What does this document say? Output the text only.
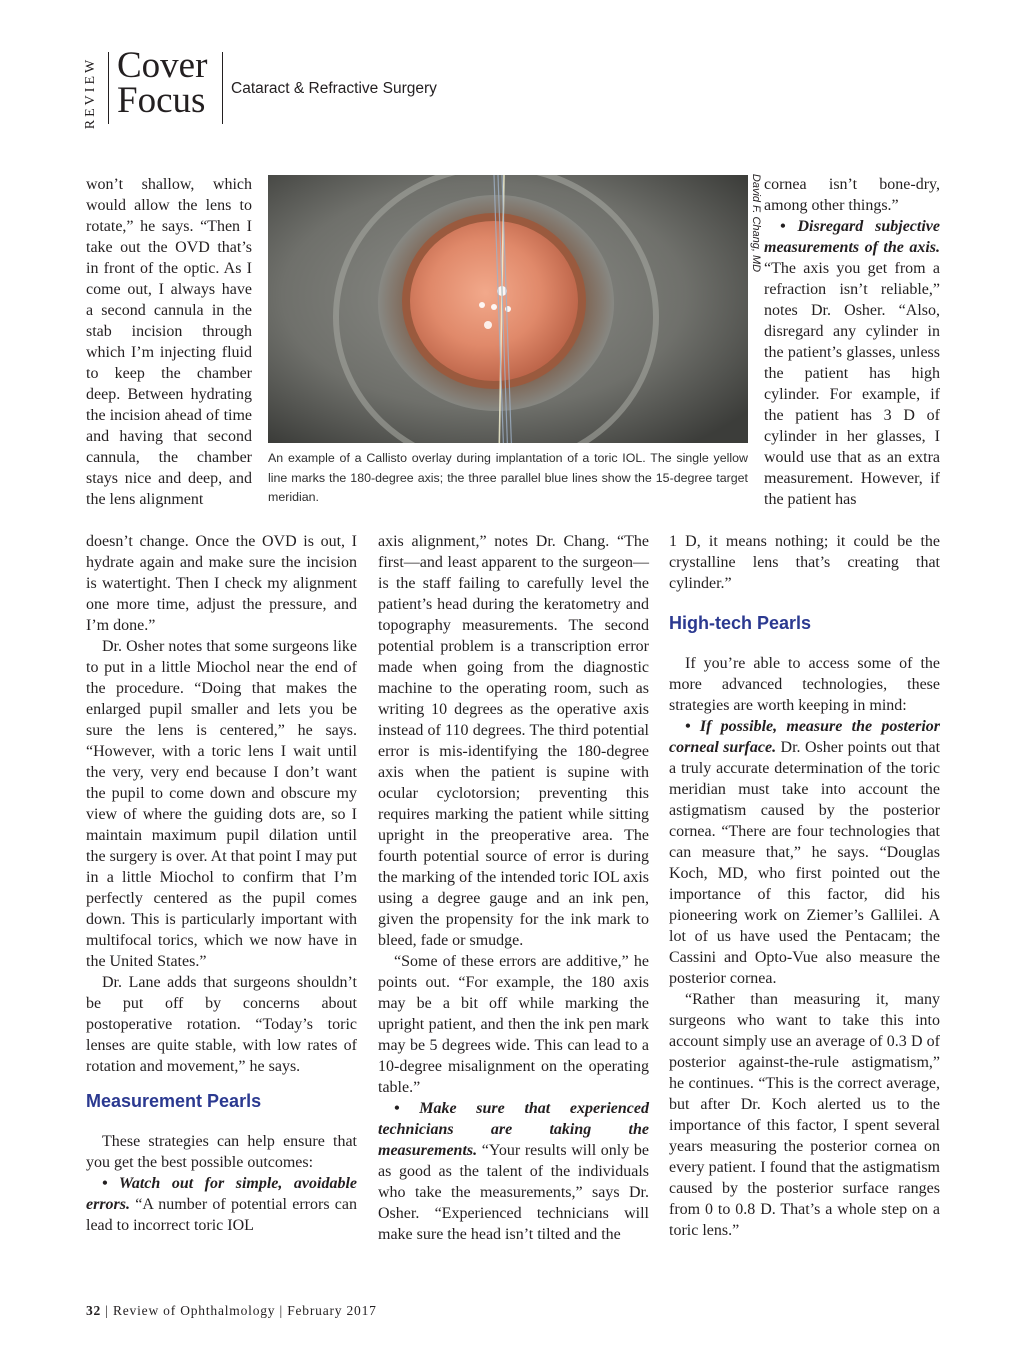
REVIEW Cover
Focus Cataract & Refractive Surgery
David F. Chang, MD

An example of a Callisto overlay during implantation of a toric IOL. The single yellow line marks the 180-degree axis; the three parallel blue lines show the 15-degree target meridian.

won’t shallow, which would allow the lens to rotate,” he says. “Then I take out the OVD that’s in front of the optic. As I come out, I always have a second cannula in the stab incision through which I’m injecting fluid to keep the chamber deep. Between hydrating the incision ahead of time and having that second cannula, the chamber stays nice and deep, and the lens alignment

doesn’t change. Once the OVD is out, I hydrate again and make sure the incision is watertight. Then I check my alignment one more time, adjust the pressure, and I’m done.”

Dr. Osher notes that some surgeons like to put in a little Miochol near the end of the procedure. “Doing that makes the enlarged pupil smaller and lets you be sure the lens is centered,” he says. “However, with a toric lens I wait until the very, very end because I don’t want the pupil to come down and obscure my view of where the guiding dots are, so I maintain maximum pupil dilation until the surgery is over. At that point I may put in a little Miochol to confirm that I’m perfectly centered as the pupil comes down. This is particularly important with multifocal torics, which we now have in the United States.”

Dr. Lane adds that surgeons shouldn’t be put off by concerns about postoperative rotation. “Today’s toric lenses are quite stable, with low rates of rotation and movement,” he says.

Measurement Pearls

These strategies can help ensure that you get the best possible outcomes:

• Watch out for simple, avoidable errors. “A number of potential errors can lead to incorrect toric IOL

axis alignment,” notes Dr. Chang. “The first—and least apparent to the surgeon—is the staff failing to carefully level the patient’s head during the keratometry and topography measurements. The second potential problem is a transcription error made when going from the diagnostic machine to the operating room, such as writing 10 degrees as the operative axis instead of 110 degrees. The third potential error is mis-identifying the 180-degree axis when the patient is supine with ocular cyclotorsion; preventing this requires marking the patient while sitting upright in the preoperative area. The fourth potential source of error is during the marking of the intended toric IOL axis using a degree gauge and an ink pen, given the propensity for the ink mark to bleed, fade or smudge.

“Some of these errors are additive,” he points out. “For example, the 180 axis may be a bit off while marking the upright patient, and then the ink pen mark may be 5 degrees wide. This can lead to a 10-degree misalignment on the operating table.”

• Make sure that experienced technicians are taking the measurements. “Your results will only be as good as the talent of the individuals who take the measurements,” says Dr. Osher. “Experienced technicians will make sure the head isn’t tilted and the

cornea isn’t bone-dry, among other things.”

• Disregard subjective measurements of the axis. “The axis you get from a refraction isn’t reliable,” notes Dr. Osher. “Also, disregard any cylinder in the patient’s glasses, unless the patient has high cylinder. For example, if the patient has 3 D of cylinder in her glasses, I would use that as an extra measurement. However, if the patient has

1 D, it means nothing; it could be the crystalline lens that’s creating that cylinder.”

High-tech Pearls

If you’re able to access some of the more advanced technologies, these strategies are worth keeping in mind:

• If possible, measure the posterior corneal surface. Dr. Osher points out that a truly accurate determination of the toric meridian must take into account the astigmatism caused by the posterior cornea. “There are four technologies that can measure that,” he says. “Douglas Koch, MD, who first pointed out the importance of this factor, did his pioneering work on Ziemer’s Gallilei. A lot of us have used the Pentacam; the Cassini and Opto-Vue also measure the posterior cornea.

“Rather than measuring it, many surgeons who want to take this into account simply use an average of 0.3 D of posterior against-the-rule astigmatism,” he continues. “This is the correct average, but after Dr. Koch alerted us to the importance of this factor, I spent several years measuring the posterior cornea on every patient. I found that the astigmatism caused by the posterior surface ranges from 0 to 0.8 D. That’s a whole step on a toric lens.”

32 | Review of Ophthalmology | February 2017
